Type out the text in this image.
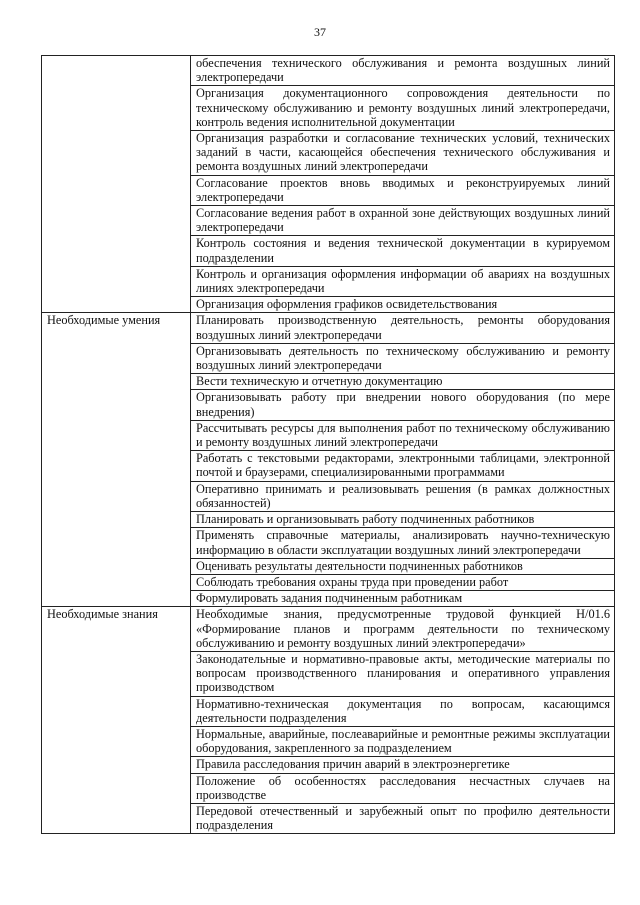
37
	обеспечения технического обслуживания и ремонта воздушных линий электропередачи
	Организация документационного сопровождения деятельности по техническому обслуживанию и ремонту воздушных линий электропередачи, контроль ведения исполнительной документации
	Организация разработки и согласование технических условий, технических заданий в части, касающейся обеспечения технического обслуживания и ремонта воздушных линий электропередачи
	Согласование проектов вновь вводимых и реконструируемых линий электропередачи
	Согласование ведения работ в охранной зоне действующих воздушных линий электропередачи
	Контроль состояния и ведения технической документации в курируемом подразделении
	Контроль и организация оформления информации об авариях на воздушных линиях электропередачи
	Организация оформления графиков освидетельствования
Необходимые умения	Планировать производственную деятельность, ремонты оборудования воздушных линий электропередачи
	Организовывать деятельность по техническому обслуживанию и ремонту воздушных линий электропередачи
	Вести техническую и отчетную документацию
	Организовывать работу при внедрении нового оборудования (по мере внедрения)
	Рассчитывать ресурсы для выполнения работ по техническому обслуживанию и ремонту воздушных линий электропередачи
	Работать с текстовыми редакторами, электронными таблицами, электронной почтой и браузерами, специализированными программами
	Оперативно принимать и реализовывать решения (в рамках должностных обязанностей)
	Планировать и организовывать работу подчиненных работников
	Применять справочные материалы, анализировать научно-техническую информацию в области эксплуатации воздушных линий электропередачи
	Оценивать результаты деятельности подчиненных работников
	Соблюдать требования охраны труда при проведении работ
	Формулировать задания подчиненным работникам
Необходимые знания	Необходимые знания, предусмотренные трудовой функцией Н/01.6 «Формирование планов и программ деятельности по техническому обслуживанию и ремонту воздушных линий электропередачи»
	Законодательные и нормативно-правовые акты, методические материалы по вопросам производственного планирования и оперативного управления производством
	Нормативно-техническая документация по вопросам, касающимся деятельности подразделения
	Нормальные, аварийные, послеаварийные и ремонтные режимы эксплуатации оборудования, закрепленного за подразделением
	Правила расследования причин аварий в электроэнергетике
	Положение об особенностях расследования несчастных случаев на производстве
	Передовой отечественный и зарубежный опыт по профилю деятельности подразделения
